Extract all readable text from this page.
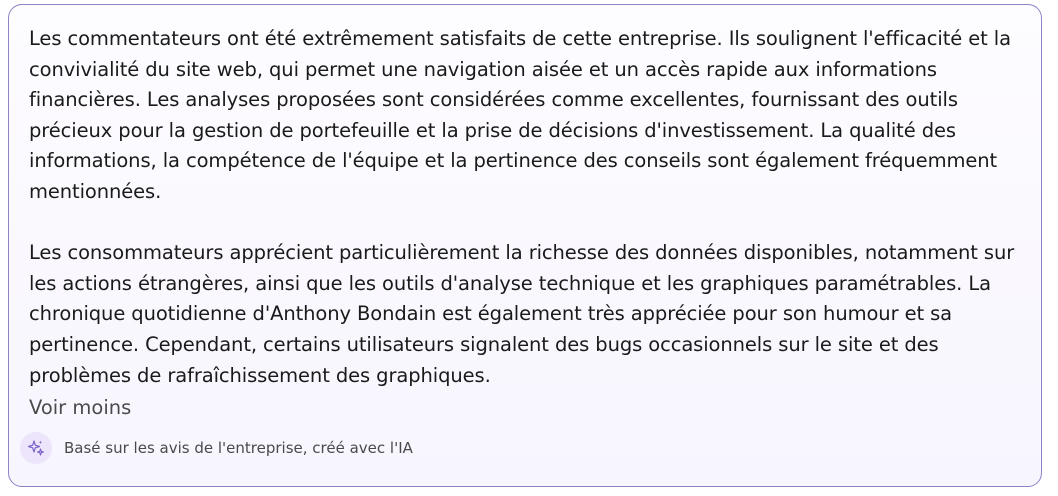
Les commentateurs ont été extrêmement satisfaits de cette entreprise. Ils soulignent l'efficacité et la convivialité du site web, qui permet une navigation aisée et un accès rapide aux informations financières. Les analyses proposées sont considérées comme excellentes, fournissant des outils précieux pour la gestion de portefeuille et la prise de décisions d'investissement. La qualité des informations, la compétence de l'équipe et la pertinence des conseils sont également fréquemment mentionnées.

Les consommateurs apprécient particulièrement la richesse des données disponibles, notamment sur les actions étrangères, ainsi que les outils d'analyse technique et les graphiques paramétrables. La chronique quotidienne d'Anthony Bondain est également très appréciée pour son humour et sa pertinence. Cependant, certains utilisateurs signalent des bugs occasionnels sur le site et des problèmes de rafraîchissement des graphiques.

Voir moins
Basé sur les avis de l'entreprise, créé avec l'IA
